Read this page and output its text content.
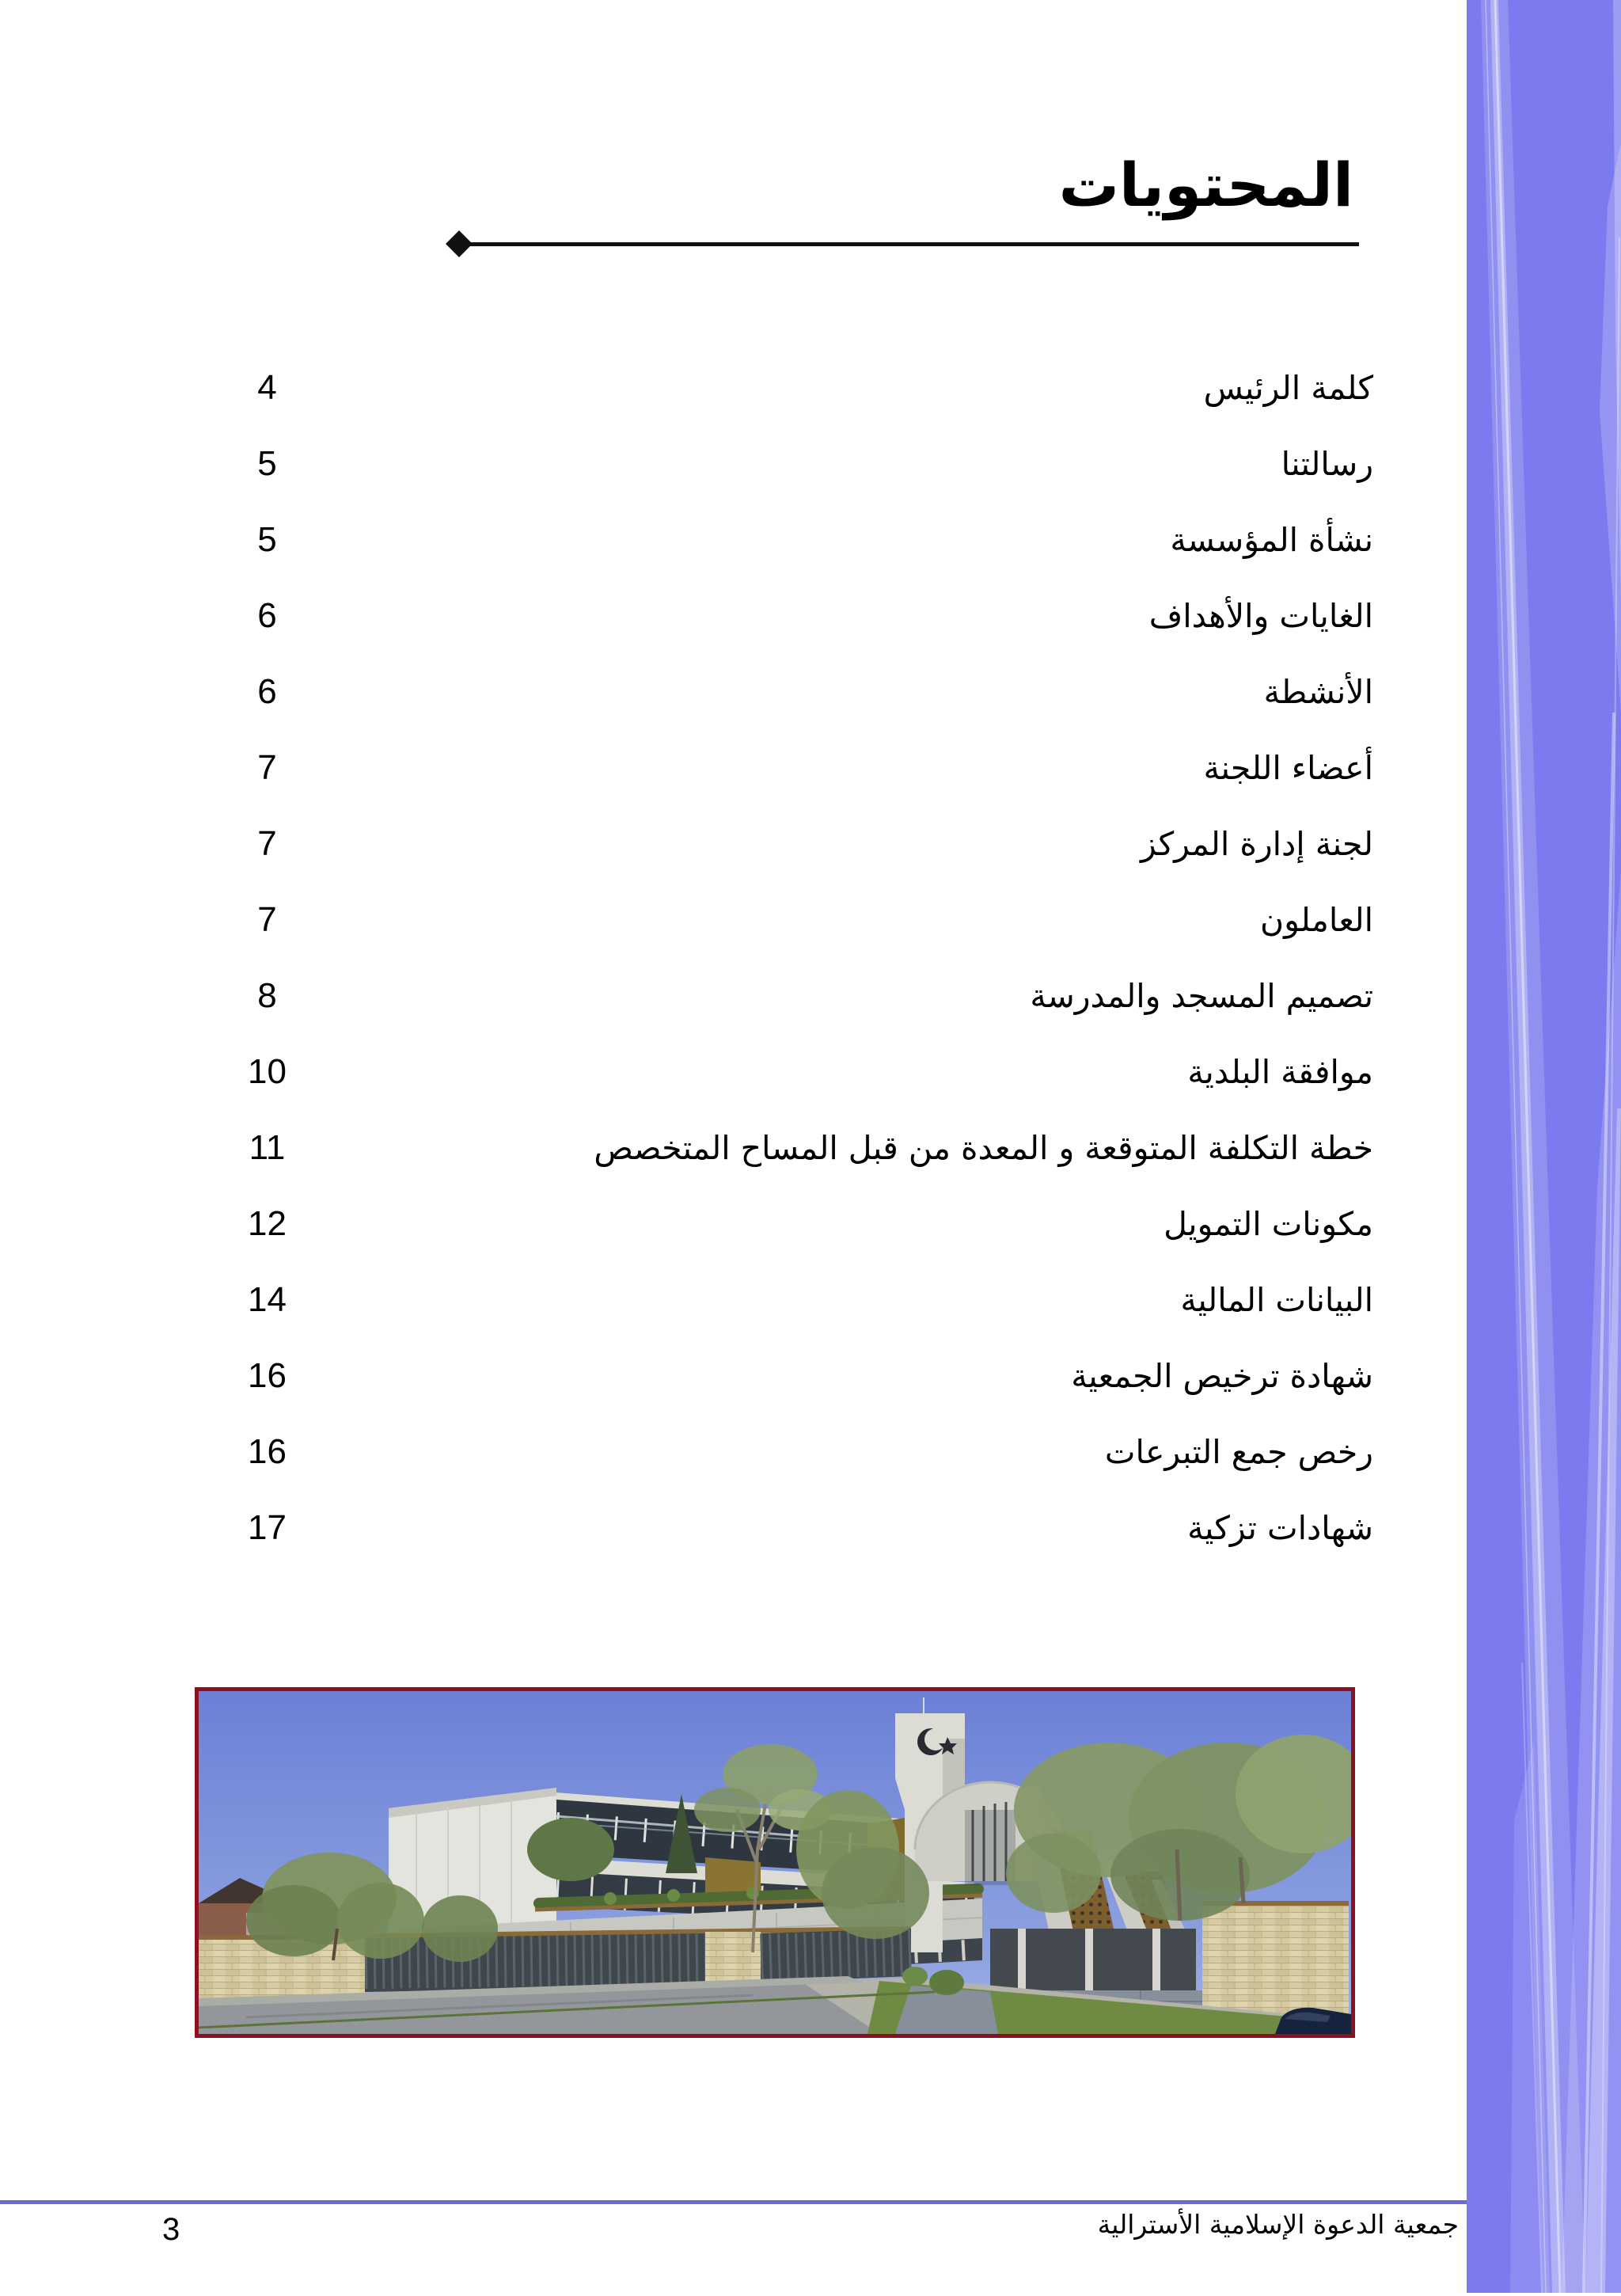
المحتويات
كلمة الرئيس
4
رسالتنا
5
نشأة المؤسسة
5
الغايات والأهداف
6
الأنشطة
6
أعضاء اللجنة
7
لجنة إدارة المركز
7
العاملون
7
تصميم المسجد والمدرسة
8
موافقة البلدية
10
خطة التكلفة المتوقعة و المعدة من قبل المساح المتخصص
11
مكونات التمويل
12
البيانات المالية
14
شهادة ترخيص الجمعية
16
رخص جمع التبرعات
16
شهادات تزكية
17
جمعية الدعوة الإسلامية الأسترالية
3
